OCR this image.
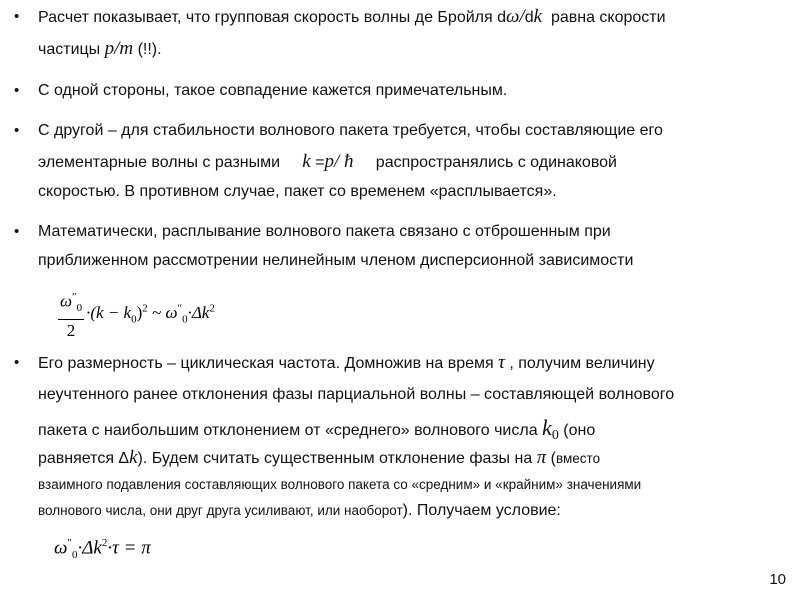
• Расчет показывает, что групповая скорость волны де Бройля dω/dk равна скорости
частицы p/m (!!).
• С одной стороны, такое совпадение кажется примечательным.
• С другой – для стабильности волнового пакета требуется, чтобы составляющие его
элементарные волны с разными k =p/ ħ распространялись с одинаковой
скоростью. В противном случае, пакет со временем «расплывается».
• Математически, расплывание волнового пакета связано с отброшенным при
приближенном рассмотрении нелинейным членом дисперсионной зависимости
$\frac{\omega''_0}{2} \cdot(k - k_0)^2$ ~ $\omega''_0\cdot\Delta k^2$
• Его размерность – циклическая частота. Домножив на время τ , получим величину
неучтенного ранее отклонения фазы парциальной волны – составляющей волнового
пакета с наибольшим отклонением от «среднего» волнового числа $k_0$ (оно
равняется Δk). Будем считать существенным отклонение фазы на π (вместо
взаимного подавления составляющих волнового пакета со «средним» и «крайним» значениями
волнового числа, они друг друга усиливают, или наоборот). Получаем условие:
$\omega''_0\cdot\Delta k^2\cdot\tau = \pi$
10
